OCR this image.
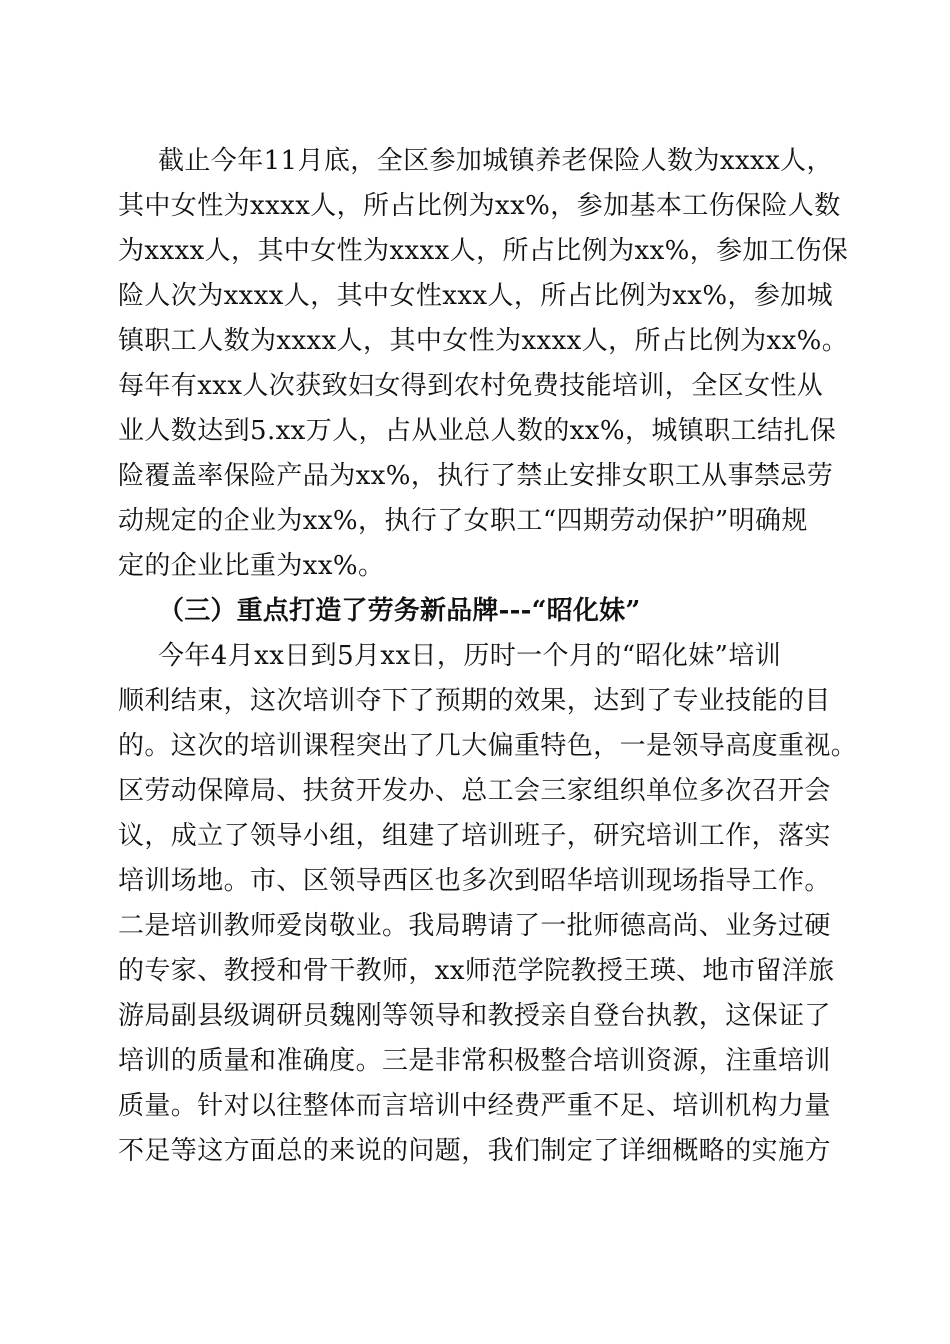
截止今年11月底，全区参加城镇养老保险人数为xxxx人，

其中女性为xxxx人，所占比例为xx%，参加基本工伤保险人数

为xxxx人，其中女性为xxxx人，所占比例为xx%，参加工伤保

险人次为xxxx人，其中女性xxx人，所占比例为xx%，参加城

镇职工人数为xxxx人，其中女性为xxxx人，所占比例为xx%。

每年有xxx人次获致妇女得到农村免费技能培训，全区女性从

业人数达到5.xx万人，占从业总人数的xx%，城镇职工结扎保

险覆盖率保险产品为xx%，执行了禁止安排女职工从事禁忌劳

动规定的企业为xx%，执行了女职工“四期劳动保护”明确规

定的企业比重为xx%。

（三）重点打造了劳务新品牌---“昭化妹”

今年4月xx日到5月xx日，历时一个月的“昭化妹”培训

顺利结束，这次培训夺下了预期的效果，达到了专业技能的目

的。这次的培训课程突出了几大偏重特色，一是领导高度重视。

区劳动保障局、扶贫开发办、总工会三家组织单位多次召开会

议，成立了领导小组，组建了培训班子，研究培训工作，落实

培训场地。市、区领导西区也多次到昭华培训现场指导工作。

二是培训教师爱岗敬业。我局聘请了一批师德高尚、业务过硬

的专家、教授和骨干教师，xx师范学院教授王瑛、地市留洋旅

游局副县级调研员魏刚等领导和教授亲自登台执教，这保证了

培训的质量和准确度。三是非常积极整合培训资源，注重培训

质量。针对以往整体而言培训中经费严重不足、培训机构力量

不足等这方面总的来说的问题，我们制定了详细概略的实施方
